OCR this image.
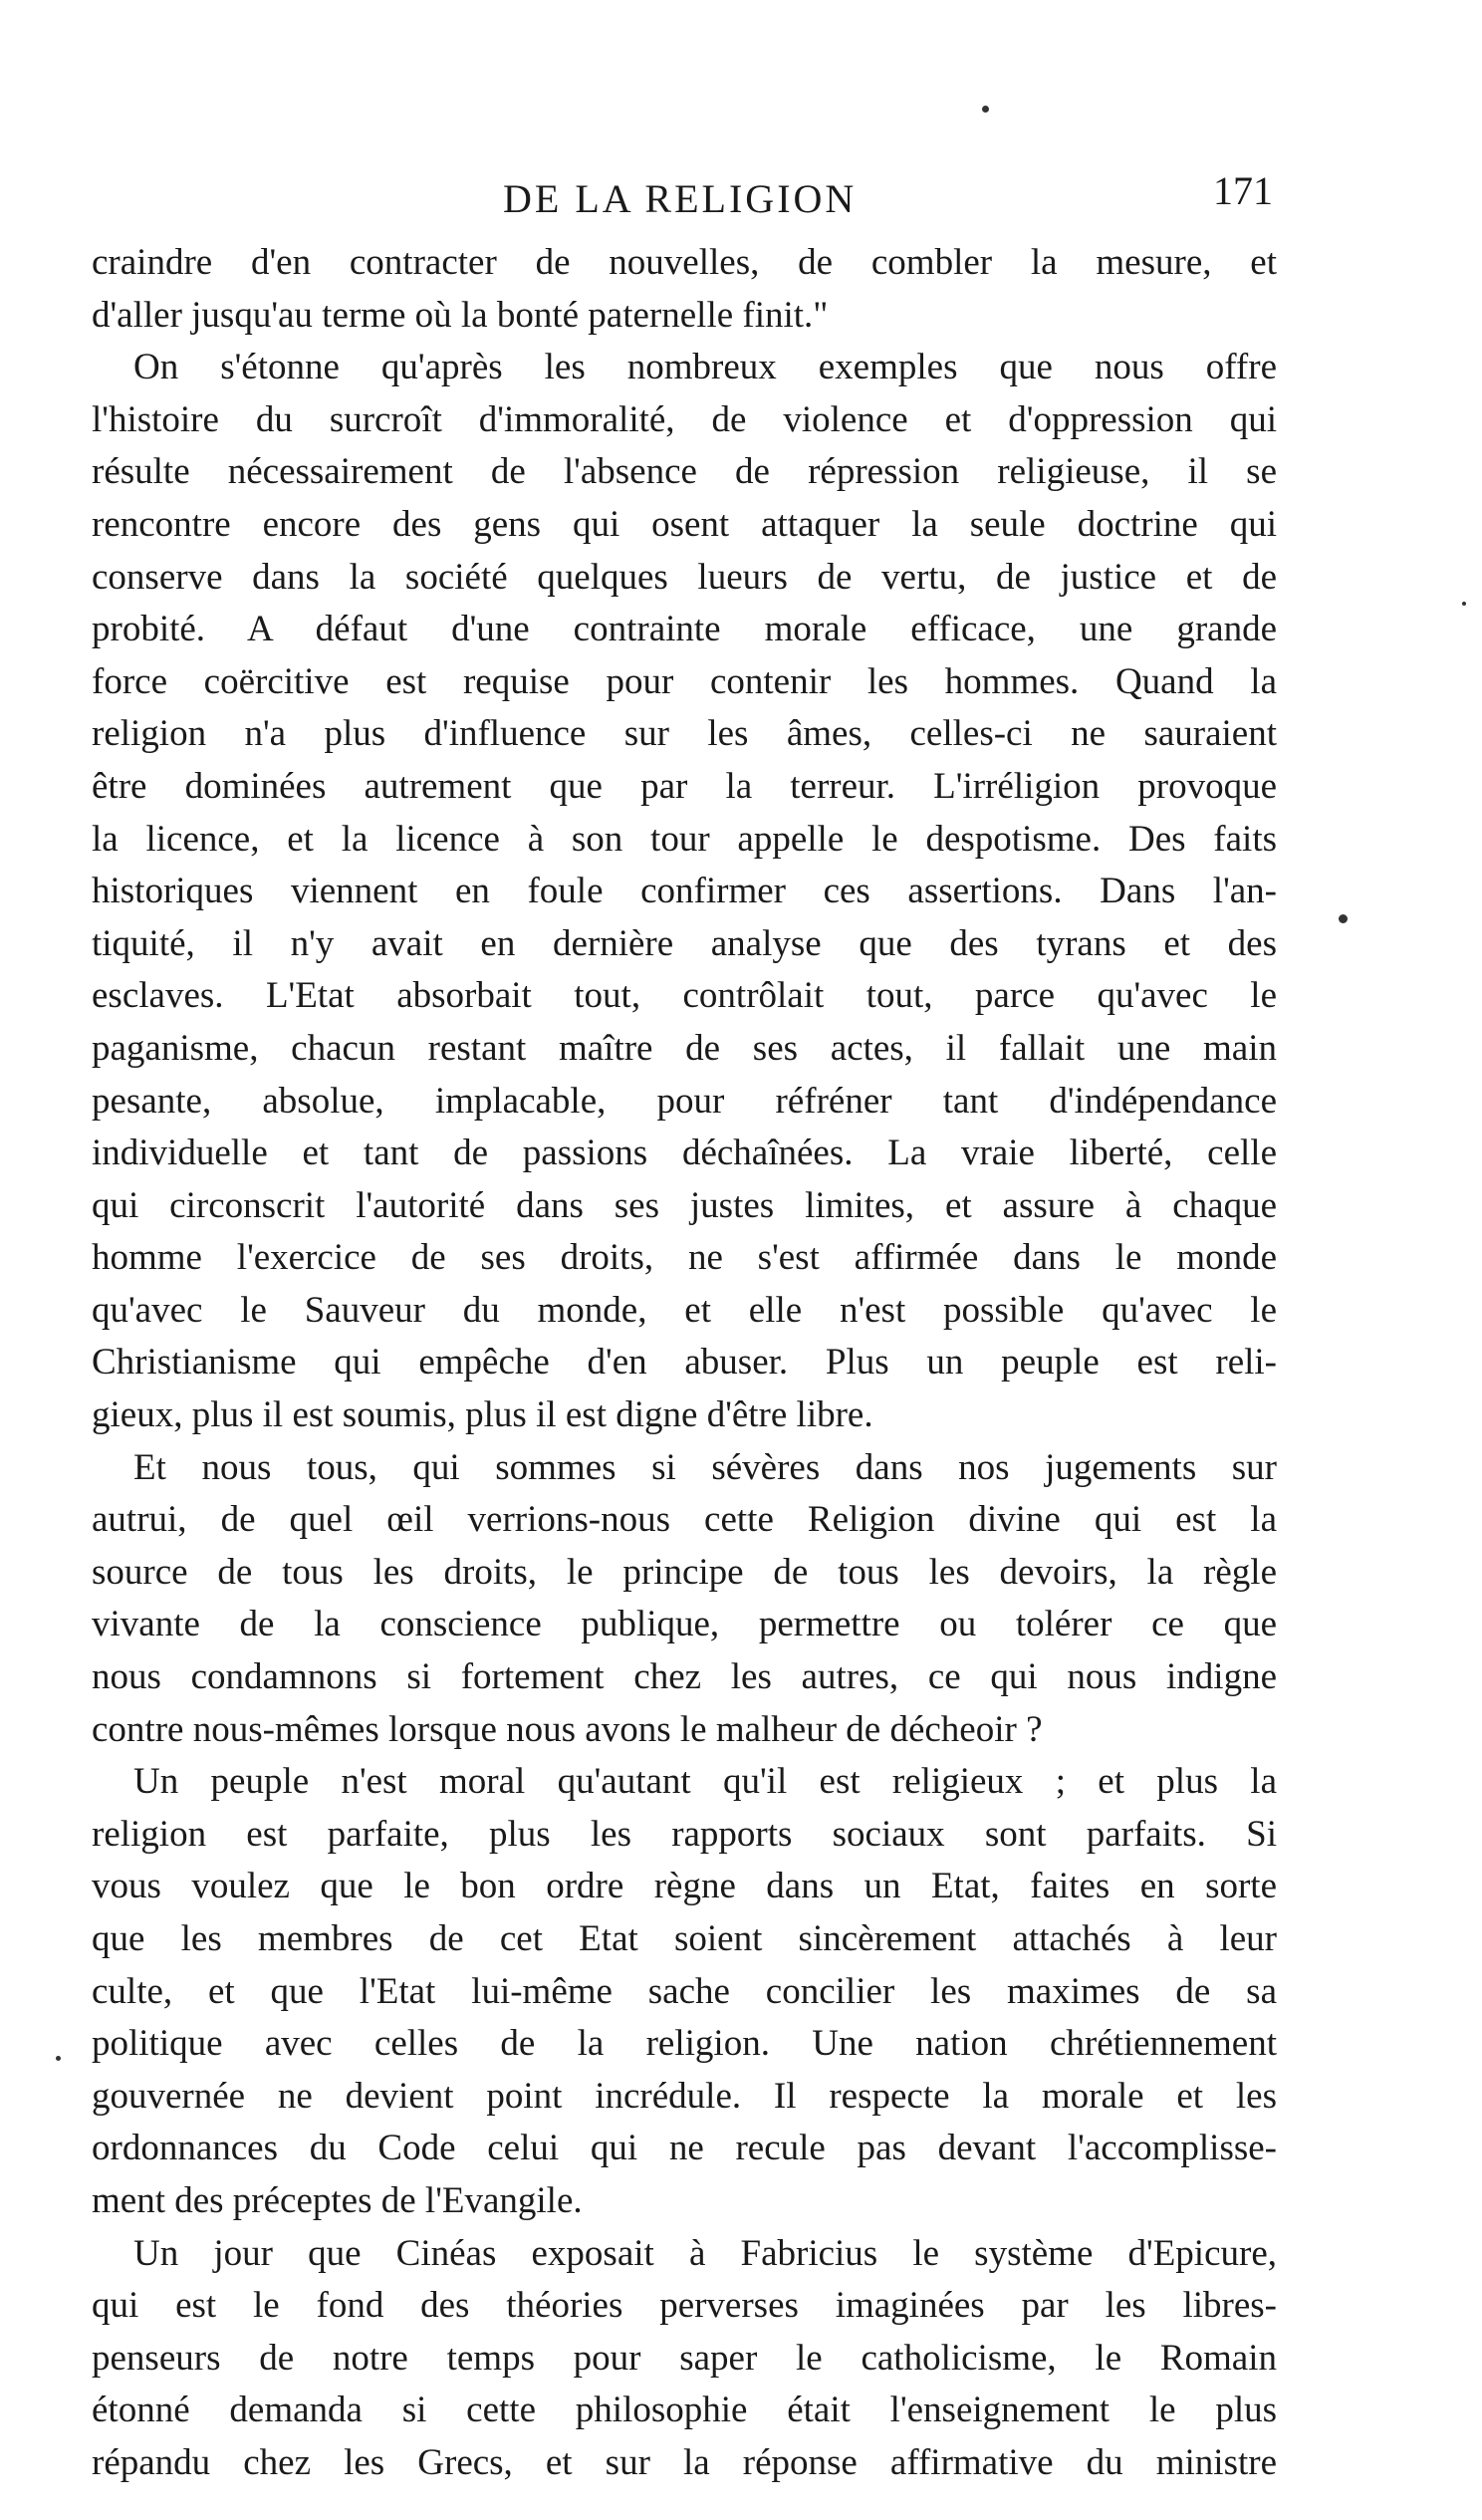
DE LA RELIGION	171
craindre d'en contracter de nouvelles, de combler la mesure, et
d'aller jusqu'au terme où la bonté paternelle finit."
On s'étonne qu'après les nombreux exemples que nous offre
l'histoire du surcroît d'immoralité, de violence et d'oppression qui
résulte nécessairement de l'absence de répression religieuse, il se
rencontre encore des gens qui osent attaquer la seule doctrine qui
conserve dans la société quelques lueurs de vertu, de justice et de
probité. A défaut d'une contrainte morale efficace, une grande
force coërcitive est requise pour contenir les hommes. Quand la
religion n'a plus d'influence sur les âmes, celles-ci ne sauraient
être dominées autrement que par la terreur. L'irréligion provoque
la licence, et la licence à son tour appelle le despotisme. Des faits
historiques viennent en foule confirmer ces assertions. Dans l'an-
tiquité, il n'y avait en dernière analyse que des tyrans et des
esclaves. L'Etat absorbait tout, contrôlait tout, parce qu'avec le
paganisme, chacun restant maître de ses actes, il fallait une main
pesante, absolue, implacable, pour réfréner tant d'indépendance
individuelle et tant de passions déchaînées. La vraie liberté, celle
qui circonscrit l'autorité dans ses justes limites, et assure à chaque
homme l'exercice de ses droits, ne s'est affirmée dans le monde
qu'avec le Sauveur du monde, et elle n'est possible qu'avec le
Christianisme qui empêche d'en abuser. Plus un peuple est reli-
gieux, plus il est soumis, plus il est digne d'être libre.
Et nous tous, qui sommes si sévères dans nos jugements sur
autrui, de quel œil verrions-nous cette Religion divine qui est la
source de tous les droits, le principe de tous les devoirs, la règle
vivante de la conscience publique, permettre ou tolérer ce que
nous condamnons si fortement chez les autres, ce qui nous indigne
contre nous-mêmes lorsque nous avons le malheur de décheoir ?
Un peuple n'est moral qu'autant qu'il est religieux ; et plus la
religion est parfaite, plus les rapports sociaux sont parfaits. Si
vous voulez que le bon ordre règne dans un Etat, faites en sorte
que les membres de cet Etat soient sincèrement attachés à leur
culte, et que l'Etat lui-même sache concilier les maximes de sa
politique avec celles de la religion. Une nation chrétiennement
gouvernée ne devient point incrédule. Il respecte la morale et les
ordonnances du Code celui qui ne recule pas devant l'accomplisse-
ment des préceptes de l'Evangile.
Un jour que Cinéas exposait à Fabricius le système d'Epicure,
qui est le fond des théories perverses imaginées par les libres-
penseurs de notre temps pour saper le catholicisme, le Romain
étonné demanda si cette philosophie était l'enseignement le plus
répandu chez les Grecs, et sur la réponse affirmative du ministre
